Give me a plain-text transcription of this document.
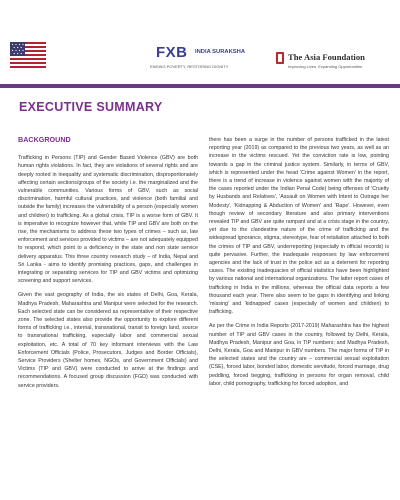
FXB INDIA SURAKSHA
ENDING POVERTY, RESTORING DIGNITY
The Asia Foundation
Improving Lives, Expanding Opportunities
EXECUTIVE SUMMARY
BACKGROUND

Trafficking in Persons (TIP) and Gender Based Violence (GBV) are both human rights violations. In fact, they are violations of several rights and are deeply rooted in inequality and systematic discrimination, disproportionately affecting certain sections/groups of the society i.e. the marginalized and the vulnerable communities. Various forms of GBV, such as social discrimination, harmful cultural practices, and violence (both familial and outside the family) increases the vulnerability of a person (especially women and children) to trafficking. As a global crisis, TIP is a worse form of GBV. It is imperative to recognize however that, while TIP and GBV are both on the rise, the mechanisms to address these two types of crimes – such as, law enforcement and services provided to victims – are not adequately equipped to respond, which point to a deficiency in the state and non state service delivery apparatus. This three country research study – of India, Nepal and Sri Lanka - aims to identify promising practices, gaps, and challenges in integrating or separating services for TIP and GBV victims and optimizing screening and support services.

Given the vast geography of India, the six states of Delhi, Goa, Kerala, Madhya Pradesh, Maharashtra and Manipur were selected for the research. Each selected state can be considered as representative of their respective zone. The selected states also provide the opportunity to explore different forms of trafficking i.e., internal, transnational, transit to foreign land, source to transnational trafficking, especially labor and commercial sexual exploitation, etc. A total of 70 key informant interviews with the Law Enforcement Officials (Police, Prosecutors, Judges and Border Officials), Service Providers (Shelter homes, NGOs, and Government Officials) and Victims (TIP and GBV) were conducted to arrive at the findings and recommendations. A focused group discussion (FGD) was conducted with service providers.

there has been a surge in the number of persons trafficked in the latest reporting year (2019) as compared to the previous two years, as well as an increase in the victims rescued. Yet the conviction rate is low, pointing towards a gap in the criminal justice system. Similarly, in terms of GBV, which is represented under the head 'Crime against Women' in the report, there is a trend of increase in violence against women with the majority of the cases reported under the Indian Penal Code) being offenses of 'Cruelty by Husbands and Relatives', 'Assault on Women with Intent to Outrage her Modesty', 'Kidnapping & Abduction of Women' and 'Rape'. However, even though review of secondary literature and also primary interventions revealed TIP and GBV are quite rampant and at a crisis stage in the country, yet due to the clandestine nature of the crime of trafficking and the widespread ignorance, stigma, stereotype, fear of retaliation attached to both the crimes of TIP and GBV, underreporting (especially in official records) is quite pervasive. Further, the inadequate responses by law enforcement agencies and the lack of trust in the police act as a deterrent for reporting cases. The existing inadequacies of official statistics have been highlighted by various national and international organizations. The latter report cases of trafficking in India in the millions, whereas the official data reports a few thousand each year. There also seem to be gaps in identifying and linking 'missing' and 'kidnapped' cases (especially of women and children) to trafficking.

As per the Crime in India Reports (2017-2019) Maharashtra has the highest number of TIP and GBV cases in the country, followed by Delhi, Kerala, Madhya Pradesh, Manipur and Goa, in TIP numbers; and Madhya Pradesh, Delhi, Kerala, Goa and Manipur in GBV numbers. The major forms of TIP in the selected states and the country are – commercial sexual exploitation (CSE), forced labor, bonded labor, domestic servitude, forced marriage, drug peddling, forced begging, trafficking in persons for organ removal, child labor, child pornography, trafficking for forced adoption, and
